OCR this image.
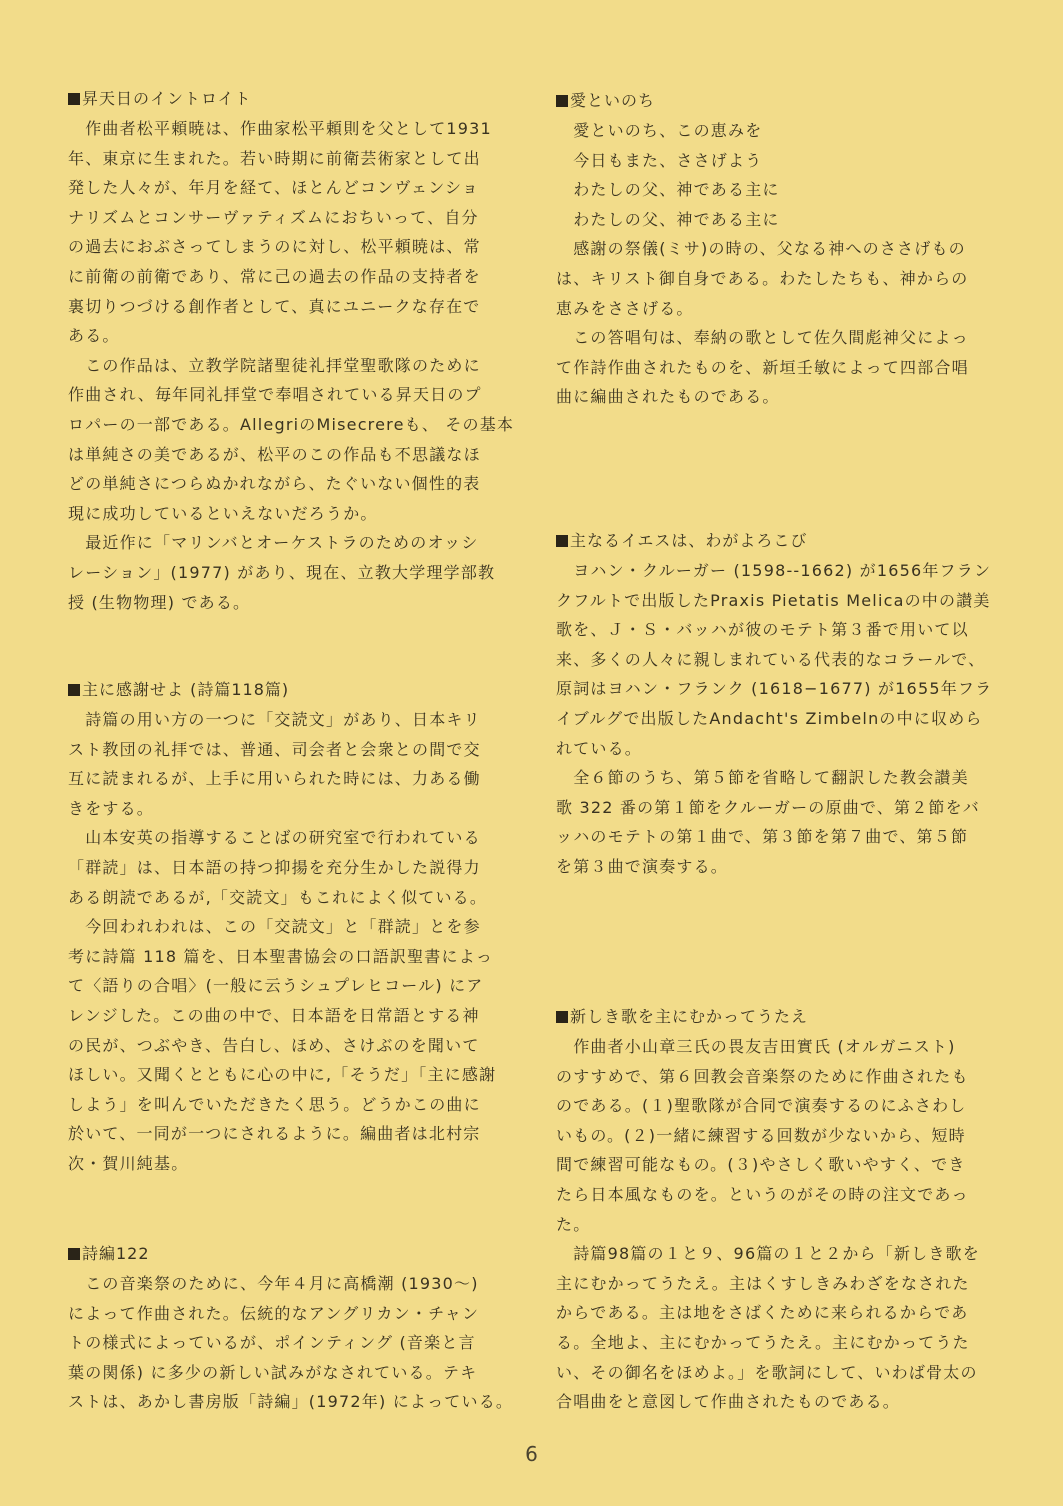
昇天日のイントロイト
　作曲者松平頼暁は、作曲家松平頼則を父として1931
年、東京に生まれた。若い時期に前衛芸術家として出
発した人々が、年月を経て、ほとんどコンヴェンショ
ナリズムとコンサーヴァティズムにおちいって、自分
の過去におぶさってしまうのに対し、松平頼暁は、常
に前衛の前衛であり、常に己の過去の作品の支持者を
裏切りつづける創作者として、真にユニークな存在で
ある。
　この作品は、立教学院諸聖徒礼拝堂聖歌隊のために
作曲され、毎年同礼拝堂で奉唱されている昇天日のプ
ロパーの一部である。AllegriのMisecrereも、 その基本
は単純さの美であるが、松平のこの作品も不思議なほ
どの単純さにつらぬかれながら、たぐいない個性的表
現に成功しているといえないだろうか。
　最近作に「マリンバとオーケストラのためのオッシ
レーション」(1977) があり、現在、立教大学理学部教
授 (生物物理) である。
主に感謝せよ (詩篇118篇)
　詩篇の用い方の一つに「交読文」があり、日本キリ
スト教団の礼拝では、普通、司会者と会衆との間で交
互に読まれるが、上手に用いられた時には、力ある働
きをする。
　山本安英の指導することばの研究室で行われている
「群読」は、日本語の持つ抑揚を充分生かした説得力
ある朗読であるが,「交読文」もこれによく似ている。
　今回われわれは、この「交読文」と「群読」とを参
考に詩篇 118 篇を、日本聖書協会の口語訳聖書によっ
て〈語りの合唱〉(一般に云うシュプレヒコール) にア
レンジした。この曲の中で、日本語を日常語とする神
の民が、つぶやき、告白し、ほめ、さけぶのを聞いて
ほしい。又聞くとともに心の中に,「そうだ」「主に感謝
しよう」を叫んでいただきたく思う。どうかこの曲に
於いて、一同が一つにされるように。編曲者は北村宗
次・賀川純基。
詩編122
　この音楽祭のために、今年４月に高橋潮 (1930〜)
によって作曲された。伝統的なアングリカン・チャン
トの様式によっているが、ポインティング (音楽と言
葉の関係) に多少の新しい試みがなされている。テキ
ストは、あかし書房版「詩編」(1972年) によっている。
愛といのち
　愛といのち、この恵みを
　今日もまた、ささげよう
　わたしの父、神である主に
　わたしの父、神である主に
　感謝の祭儀(ミサ)の時の、父なる神へのささげもの
は、キリスト御自身である。わたしたちも、神からの
恵みをささげる。
　この答唱句は、奉納の歌として佐久間彪神父によっ
て作詩作曲されたものを、新垣壬敏によって四部合唱
曲に編曲されたものである。
主なるイエスは、わがよろこび
　ヨハン・クルーガー (1598--1662) が1656年フラン
クフルトで出版したPraxis Pietatis Melicaの中の讃美
歌を、Ｊ・Ｓ・バッハが彼のモテト第３番で用いて以
来、多くの人々に親しまれている代表的なコラールで、
原詞はヨハン・フランク (1618−1677) が1655年フラ
イブルグで出版したAndacht's Zimbelnの中に収めら
れている。
　全６節のうち、第５節を省略して翻訳した教会讃美
歌 322 番の第１節をクルーガーの原曲で、第２節をバ
ッハのモテトの第１曲で、第３節を第７曲で、第５節
を第３曲で演奏する。
新しき歌を主にむかってうたえ
　作曲者小山章三氏の畏友吉田實氏 (オルガニスト)
のすすめで、第６回教会音楽祭のために作曲されたも
のである。(１)聖歌隊が合同で演奏するのにふさわし
いもの。(２)一緒に練習する回数が少ないから、短時
間で練習可能なもの。(３)やさしく歌いやすく、でき
たら日本風なものを。というのがその時の注文であっ
た。
　詩篇98篇の１と９、96篇の１と２から「新しき歌を
主にむかってうたえ。主はくすしきみわざをなされた
からである。主は地をさばくために来られるからであ
る。全地よ、主にむかってうたえ。主にむかってうた
い、その御名をほめよ。」を歌詞にして、いわば骨太の
合唱曲をと意図して作曲されたものである。
6
